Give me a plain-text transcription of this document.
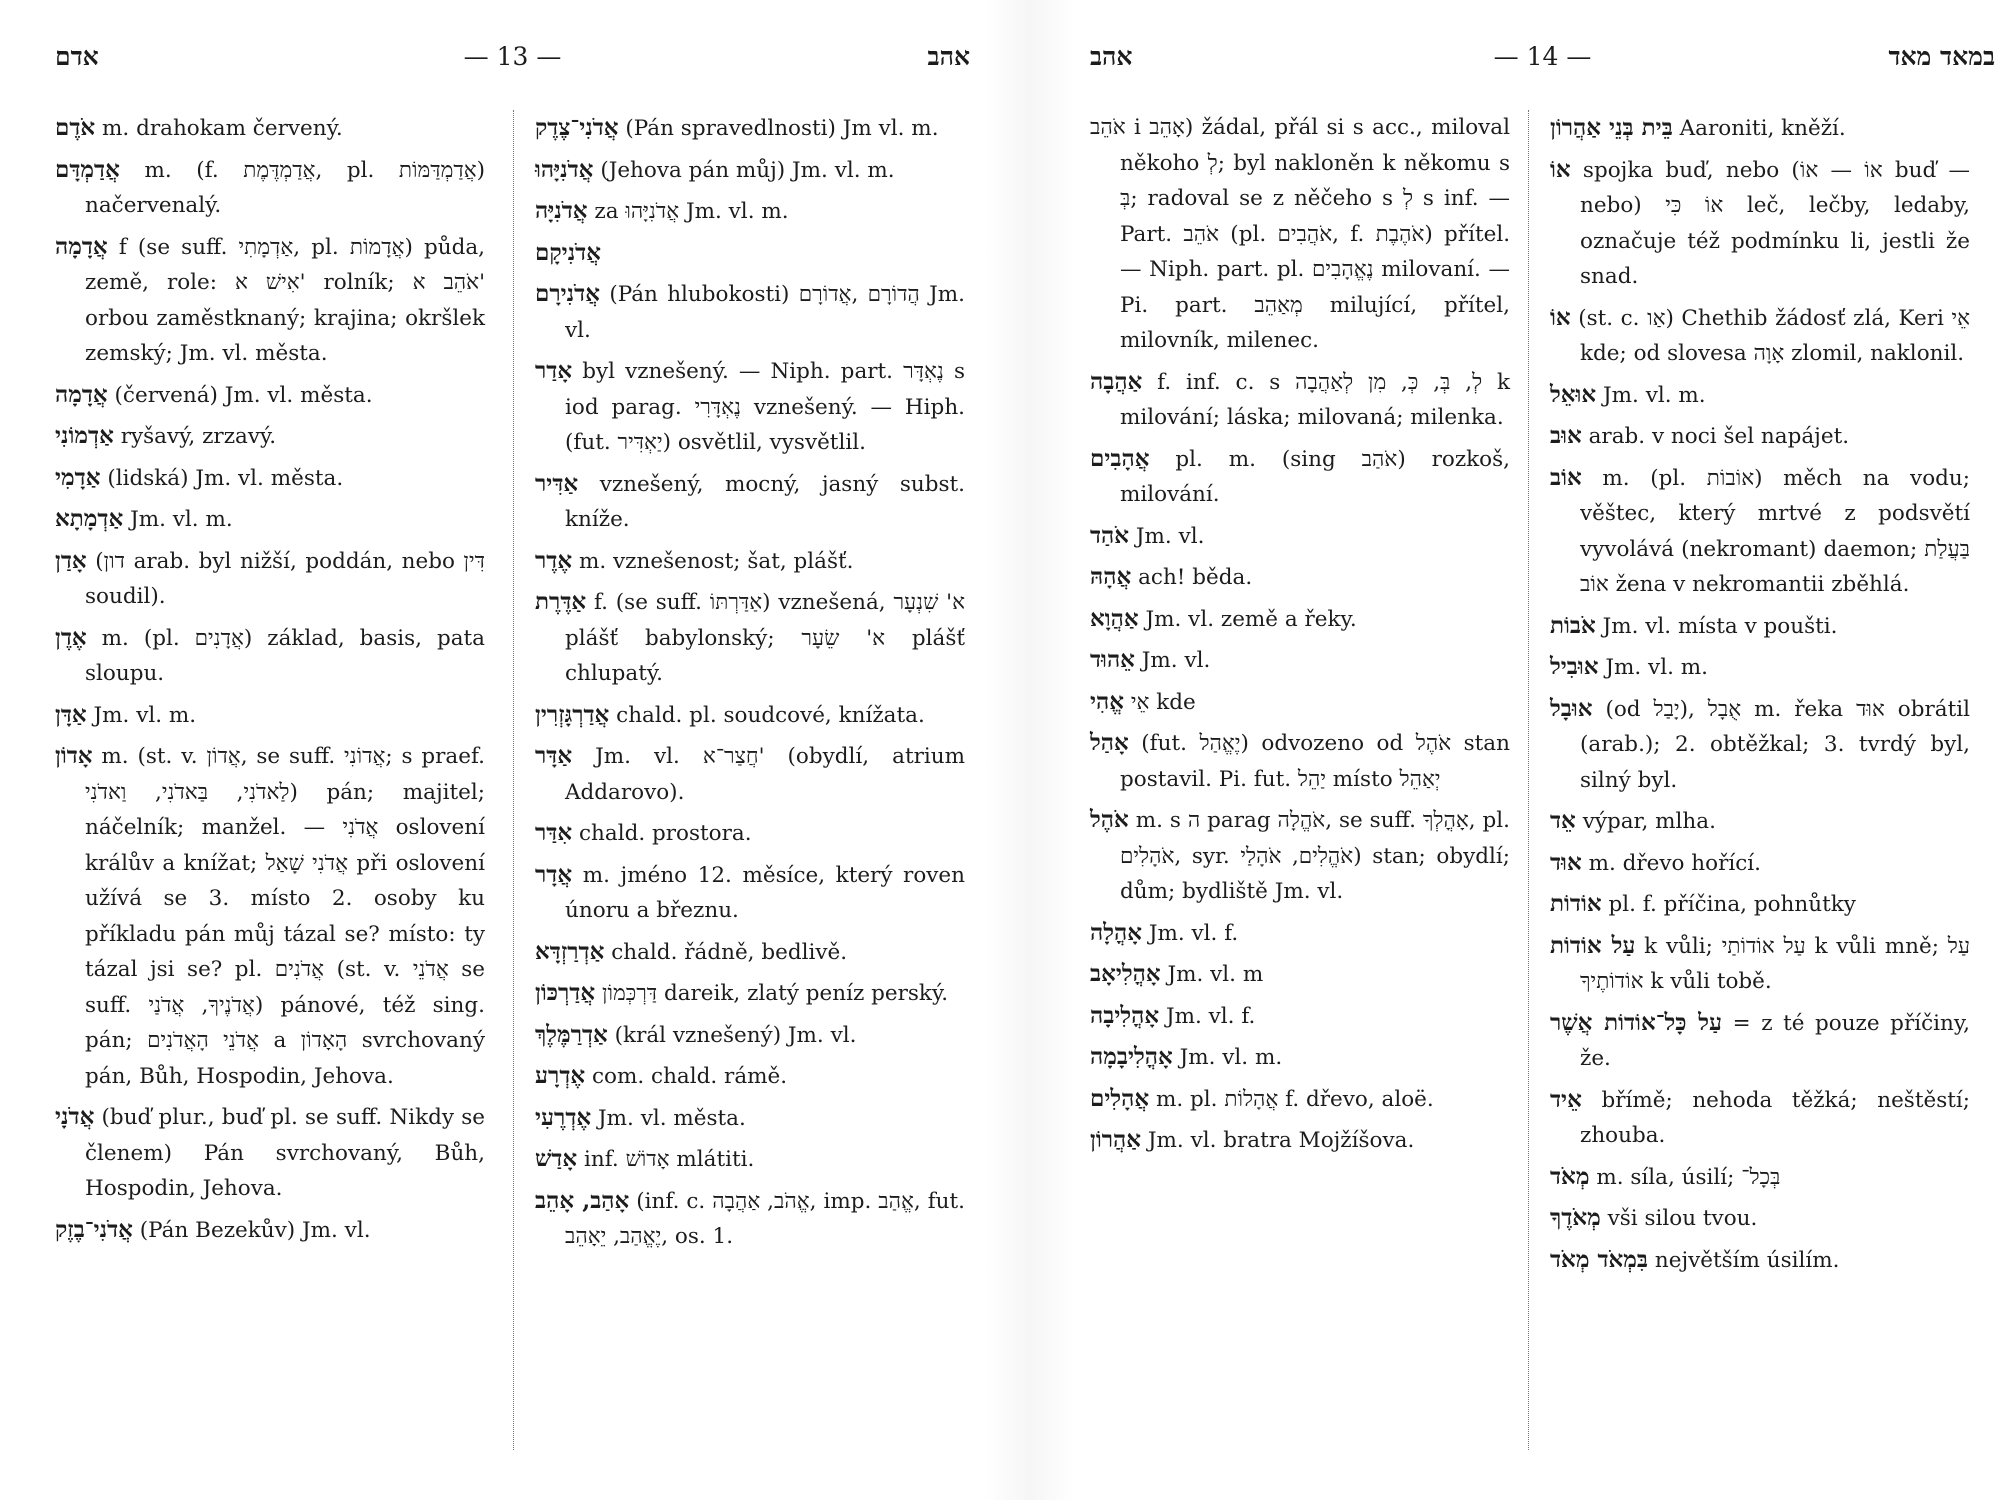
אדם	— 13 —	אהב

אֹדֶם m. drahokam červený.

אֲדַמְדָּם m. (f. אֲדַמְדֶּמֶת, pl. אֲדַמְדַּמּוֹת) načervenalý.

אֲדָמָה f (se suff. אַדְמָתִי, pl. אֲדָמוֹת) půda, země, role: אִישׁ א' rolník; אֹהֵב א' orbou zaměstknaný; krajina; okršlek zemský; Jm. vl. města.

אֲדָמָה (červená) Jm. vl. města.

אַדְמוֹנִי ryšavý, zrzavý.

אַדָמִי (lidská) Jm. vl. města.

אַדְמָתָא Jm. vl. m.

אָדַן (דון arab. byl nižší, poddán, nebo דִּין soudil).

אֶדֶן m. (pl. אֲדָנִים) základ, basis, pata sloupu.

אַדָּן Jm. vl. m.

אָדוֹן m. (st. v. אֲדוֹן, se suff. אֲדוֹנִי; s praef. לַאדֹנִי, בַּאדֹנִי, וַאדֹנִי) pán; majitel; náčelník; manžel. — אֲדֹנִי oslovení králův a knížat; אֲדֹנִי שָׁאַל při oslovení užívá se 3. místo 2. osoby ku příkladu pán můj tázal se? místo: ty tázal jsi se? pl. אֲדֹנִים (st. v. אֲדֹנֵי se suff. אֲדֹנֶיךָ, אֲדֹנַי) pánové, též sing. pán; אֲדֹנֵי הָאֲדֹנִים a הָאָדוֹן svrchovaný pán, Bůh, Hospodin, Jehova.

אֲדֹנָי (buď plur., buď pl. se suff. Nikdy se členem) Pán svrchovaný, Bůh, Hospodin, Jehova.

אֲדֹנִי־בֶזֶק (Pán Bezekův) Jm. vl.

אֲדֹנִי־צֶדֶק (Pán spravedlnosti) Jm vl. m.

אֲדֹנִיָּהוּ (Jehova pán můj) Jm. vl. m.

אֲדֹנִיָּה za אֲדֹנִיָּהוּ Jm. vl. m.

אֲדֹנִיקָם

אֲדֹנִירָם (Pán hlubokosti) הֲדוֹרָם ,אֲדוֹרָם Jm. vl.

אָדַר byl vznešený. — Niph. part. נֶאְדָּר s iod parag. נֶאְדָּרִי vznešený. — Hiph. (fut. יַאְדִּיר) osvětlil, vysvětlil.

אַדִּיר vznešený, mocný, jasný subst. kníže.

אֶדֶר m. vznešenost; šat, plášť.

אַדֶּרֶת f. (se suff. אַדַּרְתּוֹ) vznešená, א' שִׁנְעָר plášť babylonský; א' שֵׂעָר plášť chlupatý.

אֲדַרְגָּזְרִין chald. pl. soudcové, knížata.

אַדָּר Jm. vl. חֲצַר־א' (obydlí, atrium Addarovo).

אִדַּר chald. prostora.

אֲדָר m. jméno 12. měsíce, který roven únoru a březnu.

אַדְרַזְדָּא chald. řádně, bedlivě.

אֲדַרְכּוֹן דַּרְכְּמוֹן dareik, zlatý peníz perský.

אַדְרַמֶּלֶךְ (král vznešený) Jm. vl.

אֶדְרָע com. chald. rámě.

אֶדְרֶעִי Jm. vl. města.

אָדַשׁ inf. אָדוֹשׁ mlátiti.

אָהַב, אָהֵב (inf. c. אֱהֹב, אַהֲבָה, imp. אֱהַב, fut. יֶאֱהַב, יֵאָהֵב, os. 1.

אהב	— 14 —	במאד מאד

אֹהֵב i אָהֵב) žádal, přál si s acc., miloval někoho לְ; byl nakloněn k někomu s בְּ; radoval se z něčeho s לְ s inf. — Part. אֹהֵב (pl. אֹהֲבִים, f. אֹהֶבֶת) přítel. — Niph. part. pl. נֶאֱהָבִים milovaní. — Pi. part. מְאַהֵב milující, přítel, milovník, milenec.

אַהֲבָה f. inf. c. s לְ, בְּ, כְּ, מִן לְאַהֲבָה k milování; láska; milovaná; milenka.

אֲהָבִים pl. m. (sing אֹהַב) rozkoš, milování.

אֹהַד Jm. vl.

אֲהָהּ ach! běda.

אַהֲוָא Jm. vl. země a řeky.

אֵהוּד Jm. vl.

אֱהִי אֵי kde

אָהַל (fut. יֶאֱהַל) odvozeno od אֹהֶל stan postavil. Pi. fut. יַהֵל místo יְאַהֵל

אֹהֶל m. s ה parag אֹהֱלָה, se suff. אָהֳלְךָ, pl. אֹהָלִים, syr. אֹהֱלִים, אֹהָלַי) stan; obydlí; dům; bydliště Jm. vl.

אָהֳלָה Jm. vl. f.

אָהֳלִיאָב Jm. vl. m

אָהֳלִיבָה Jm. vl. f.

אָהֳלִיבָמָה Jm. vl. m.

אֲהָלִים m. pl. אֲהָלוֹת f. dřevo, aloë.

אַהֲרוֹן Jm. vl. bratra Mojžíšova.

בֵּית בְּנֵי אַהֲרוֹן Aaroniti, kněží.

אוֹ spojka buď, nebo (אוֹ — אוֹ buď — nebo) אוֹ כִּי leč, lečby, ledaby, označuje též podmínku li, jestli že snad.

אוֹ (st. c. אַו) Chethib žádosť zlá, Keri אֵי kde; od slovesa אָוָה zlomil, naklonil.

אוּאֵל Jm. vl. m.

אוּב arab. v noci šel napájet.

אוֹב m. (pl. אוֹבוֹת) měch na vodu; věštec, který mrtvé z podsvětí vyvolává (nekromant) daemon; בַּעֲלַת אוֹב žena v nekromantii zběhlá.

אֹבוֹת Jm. vl. místa v poušti.

אוּבִיל Jm. vl. m.

אוּבָל (od יָבַל), אֻבָל m. řeka אוּד obrátil (arab.); 2. obtěžkal; 3. tvrdý byl, silný byl.

אֵד výpar, mlha.

אוּד m. dřevo hořící.

אוֹדוֹת pl. f. příčina, pohnůtky

עַל אוֹדוֹת k vůli; עַל אוֹדוֹתַי k vůli mně; עַל אוֹדוֹתֶיךָ k vůli tobě.

עַל כָּל־אוֹדוֹת אֲשֶׁר = z té pouze příčiny, že.

אֵיד břímě; nehoda těžká; neštěstí; zhouba.

מְאֹד m. síla, úsilí; בְּכָל־

מְאֹדֶךָ vši silou tvou.

בִּמְאֹד מְאֹד největším úsilím.
